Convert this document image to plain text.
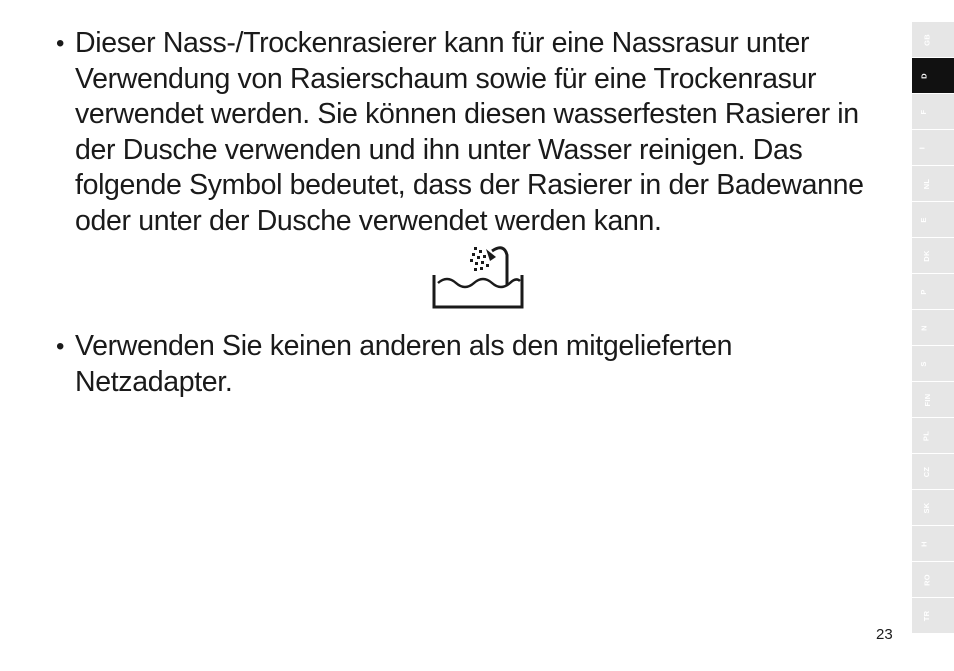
• Dieser Nass-/Trockenrasierer kann für eine Nassrasur unter Verwendung von Rasierschaum sowie für eine Trockenrasur verwendet werden. Sie können diesen wasserfesten Rasierer in der Dusche verwenden und ihn unter Wasser reinigen. Das folgende Symbol bedeutet, dass der Rasierer in der Badewanne oder unter der Dusche verwendet werden kann.
• Verwenden Sie keinen anderen als den mitgelieferten Netzadapter.
GB
D
F
I
NL
E
DK
P
N
S
FIN
PL
CZ
SK
H
RO
TR
23
